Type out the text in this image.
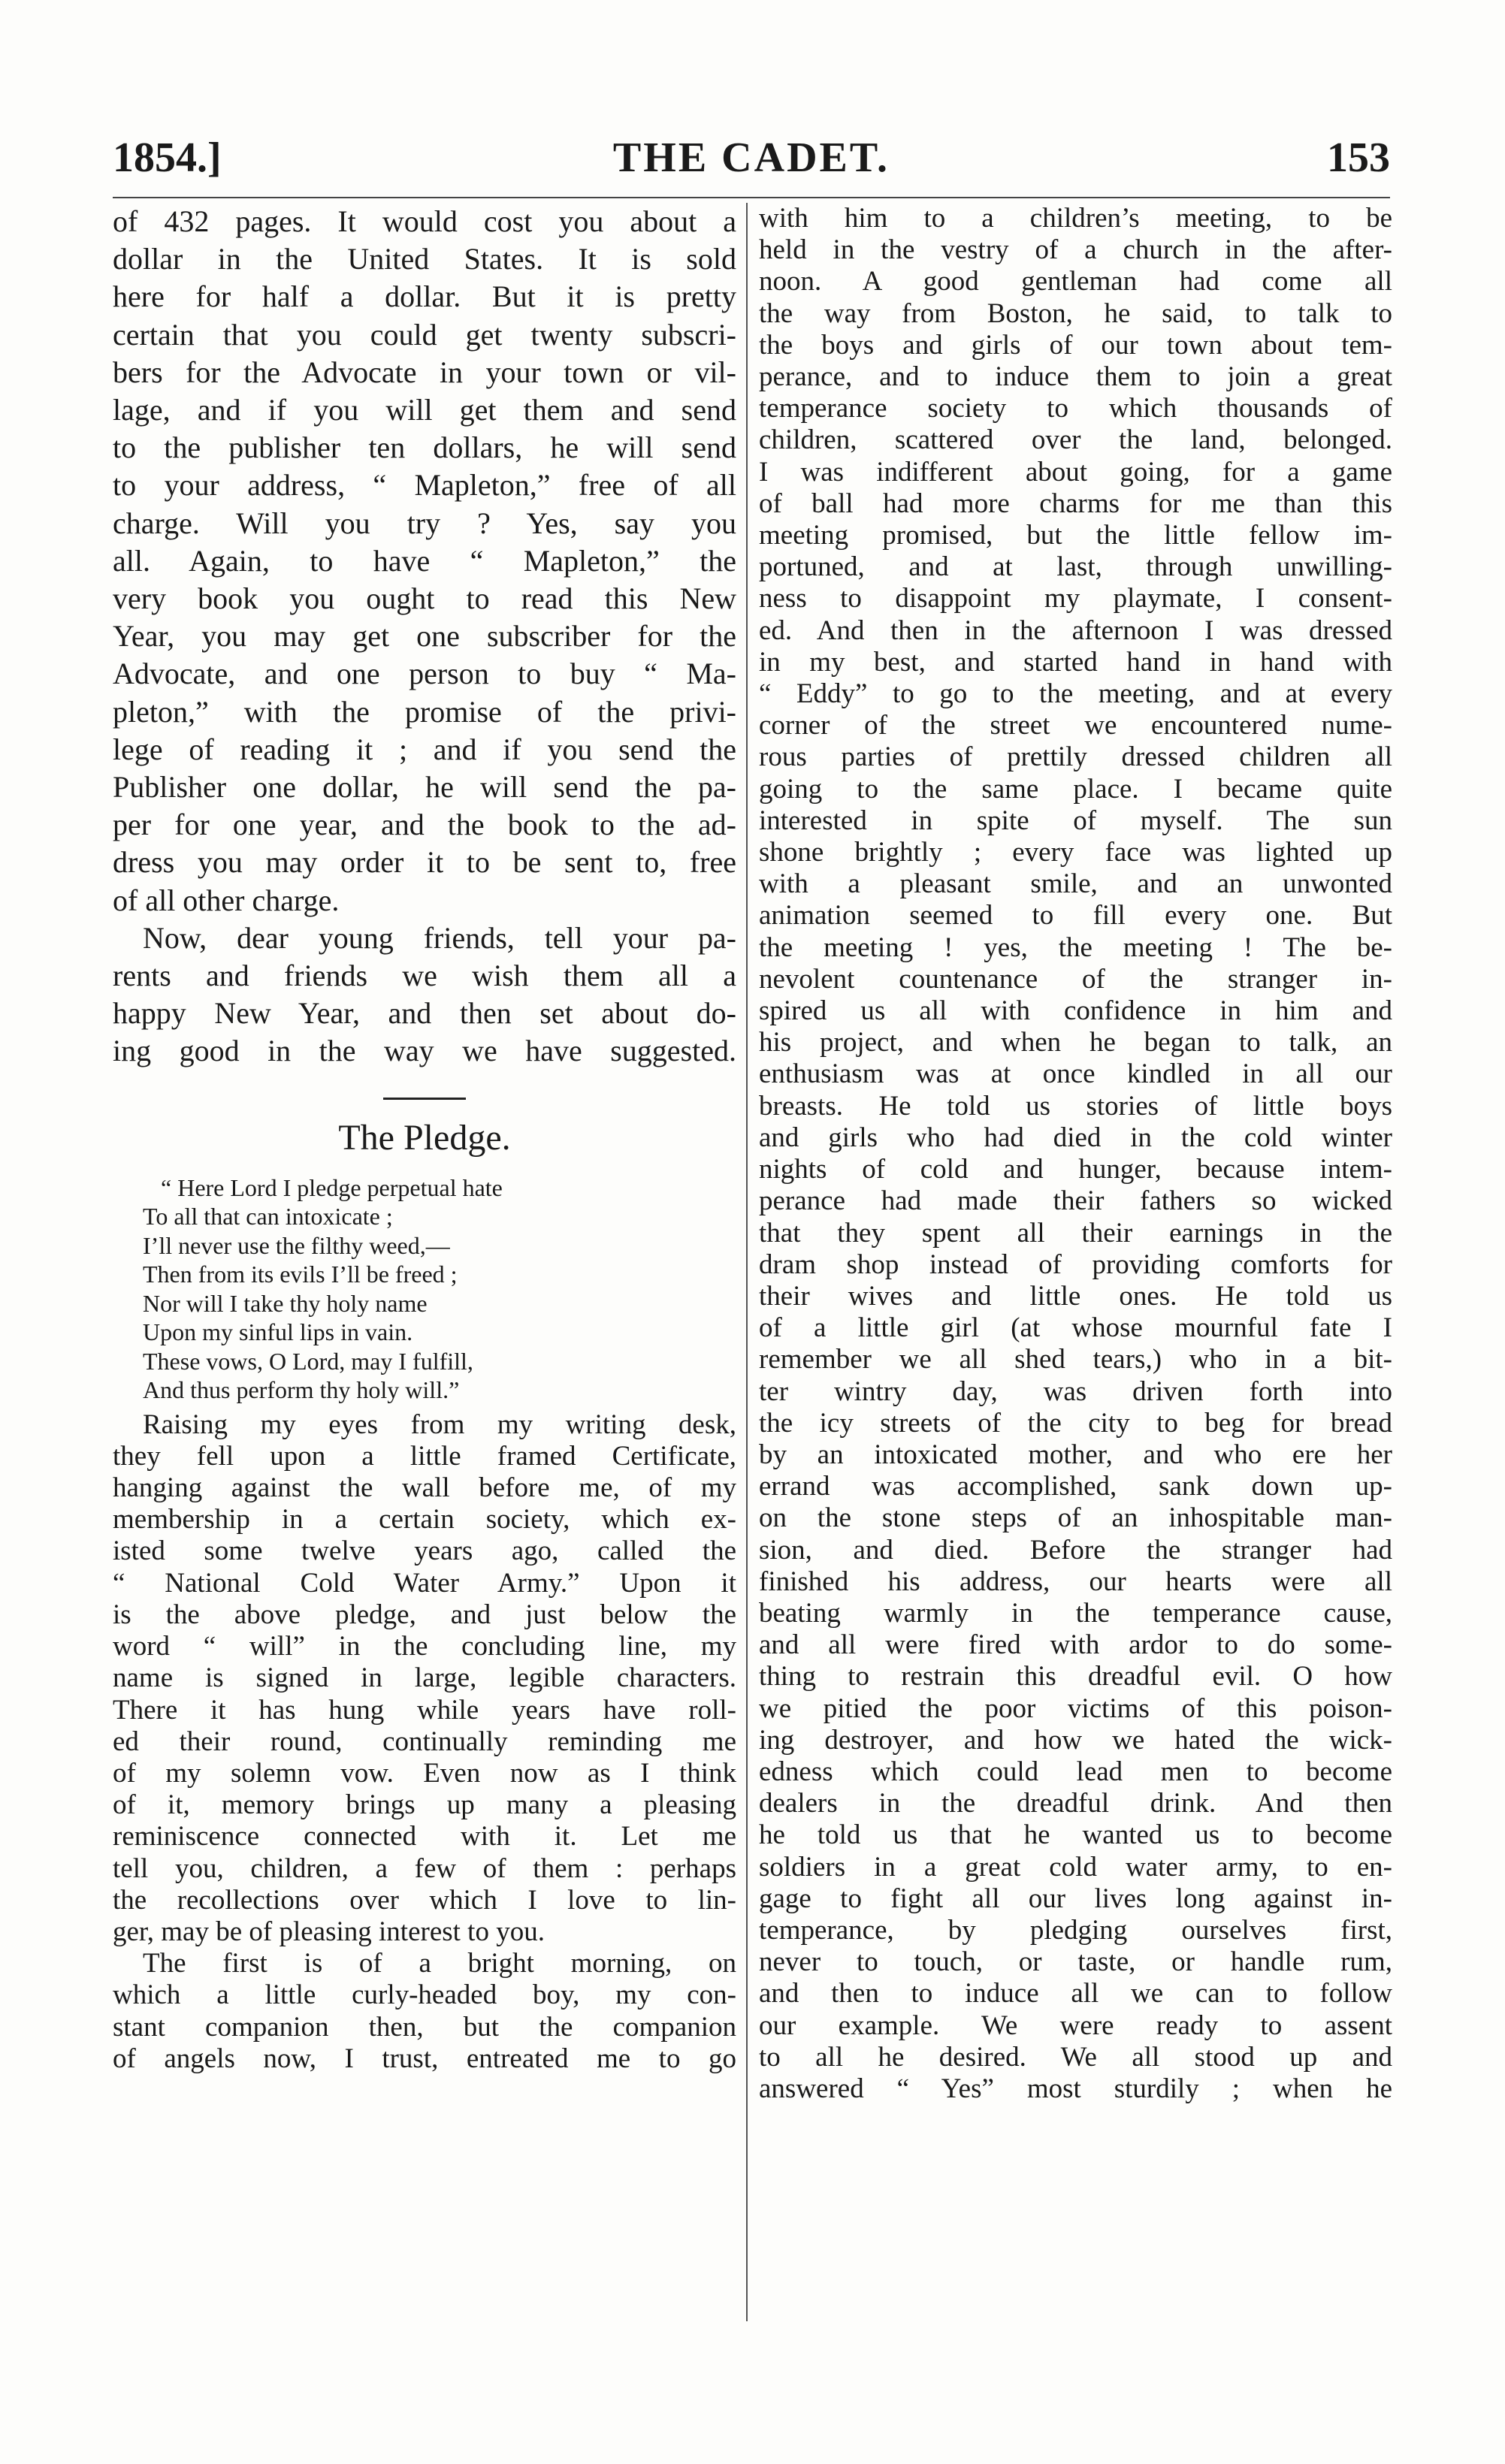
1854.]	THE CADET.	153
of 432 pages. It would cost you about a
dollar in the United States. It is sold
here for half a dollar. But it is pretty
certain that you could get twenty subscri-
bers for the Advocate in your town or vil-
lage, and if you will get them and send
to the publisher ten dollars, he will send
to your address, “ Mapleton,” free of all
charge. Will you try ? Yes, say you
all. Again, to have “ Mapleton,” the
very book you ought to read this New
Year, you may get one subscriber for the
Advocate, and one person to buy “ Ma-
pleton,” with the promise of the privi-
lege of reading it ; and if you send the
Publisher one dollar, he will send the pa-
per for one year, and the book to the ad-
dress you may order it to be sent to, free
of all other charge.
Now, dear young friends, tell your pa-
rents and friends we wish them all a
happy New Year, and then set about do-
ing good in the way we have suggested.
The Pledge.
“ Here Lord I pledge perpetual hate
To all that can intoxicate ;
I’ll never use the filthy weed,—
Then from its evils I’ll be freed ;
Nor will I take thy holy name
Upon my sinful lips in vain.
These vows, O Lord, may I fulfill,
And thus perform thy holy will.”
Raising my eyes from my writing desk,
they fell upon a little framed Certificate,
hanging against the wall before me, of my
membership in a certain society, which ex-
isted some twelve years ago, called the
“ National Cold Water Army.” Upon it
is the above pledge, and just below the
word “ will” in the concluding line, my
name is signed in large, legible characters.
There it has hung while years have roll-
ed their round, continually reminding me
of my solemn vow. Even now as I think
of it, memory brings up many a pleasing
reminiscence connected with it. Let me
tell you, children, a few of them : perhaps
the recollections over which I love to lin-
ger, may be of pleasing interest to you.
The first is of a bright morning, on
which a little curly-headed boy, my con-
stant companion then, but the companion
of angels now, I trust, entreated me to go
with him to a children’s meeting, to be
held in the vestry of a church in the after-
noon. A good gentleman had come all
the way from Boston, he said, to talk to
the boys and girls of our town about tem-
perance, and to induce them to join a great
temperance society to which thousands of
children, scattered over the land, belonged.
I was indifferent about going, for a game
of ball had more charms for me than this
meeting promised, but the little fellow im-
portuned, and at last, through unwilling-
ness to disappoint my playmate, I consent-
ed. And then in the afternoon I was dressed
in my best, and started hand in hand with
“ Eddy” to go to the meeting, and at every
corner of the street we encountered nume-
rous parties of prettily dressed children all
going to the same place. I became quite
interested in spite of myself. The sun
shone brightly ; every face was lighted up
with a pleasant smile, and an unwonted
animation seemed to fill every one. But
the meeting ! yes, the meeting ! The be-
nevolent countenance of the stranger in-
spired us all with confidence in him and
his project, and when he began to talk, an
enthusiasm was at once kindled in all our
breasts. He told us stories of little boys
and girls who had died in the cold winter
nights of cold and hunger, because intem-
perance had made their fathers so wicked
that they spent all their earnings in the
dram shop instead of providing comforts for
their wives and little ones. He told us
of a little girl (at whose mournful fate I
remember we all shed tears,) who in a bit-
ter wintry day, was driven forth into
the icy streets of the city to beg for bread
by an intoxicated mother, and who ere her
errand was accomplished, sank down up-
on the stone steps of an inhospitable man-
sion, and died. Before the stranger had
finished his address, our hearts were all
beating warmly in the temperance cause,
and all were fired with ardor to do some-
thing to restrain this dreadful evil. O how
we pitied the poor victims of this poison-
ing destroyer, and how we hated the wick-
edness which could lead men to become
dealers in the dreadful drink. And then
he told us that he wanted us to become
soldiers in a great cold water army, to en-
gage to fight all our lives long against in-
temperance, by pledging ourselves first,
never to touch, or taste, or handle rum,
and then to induce all we can to follow
our example. We were ready to assent
to all he desired. We all stood up and
answered “ Yes” most sturdily ; when he
